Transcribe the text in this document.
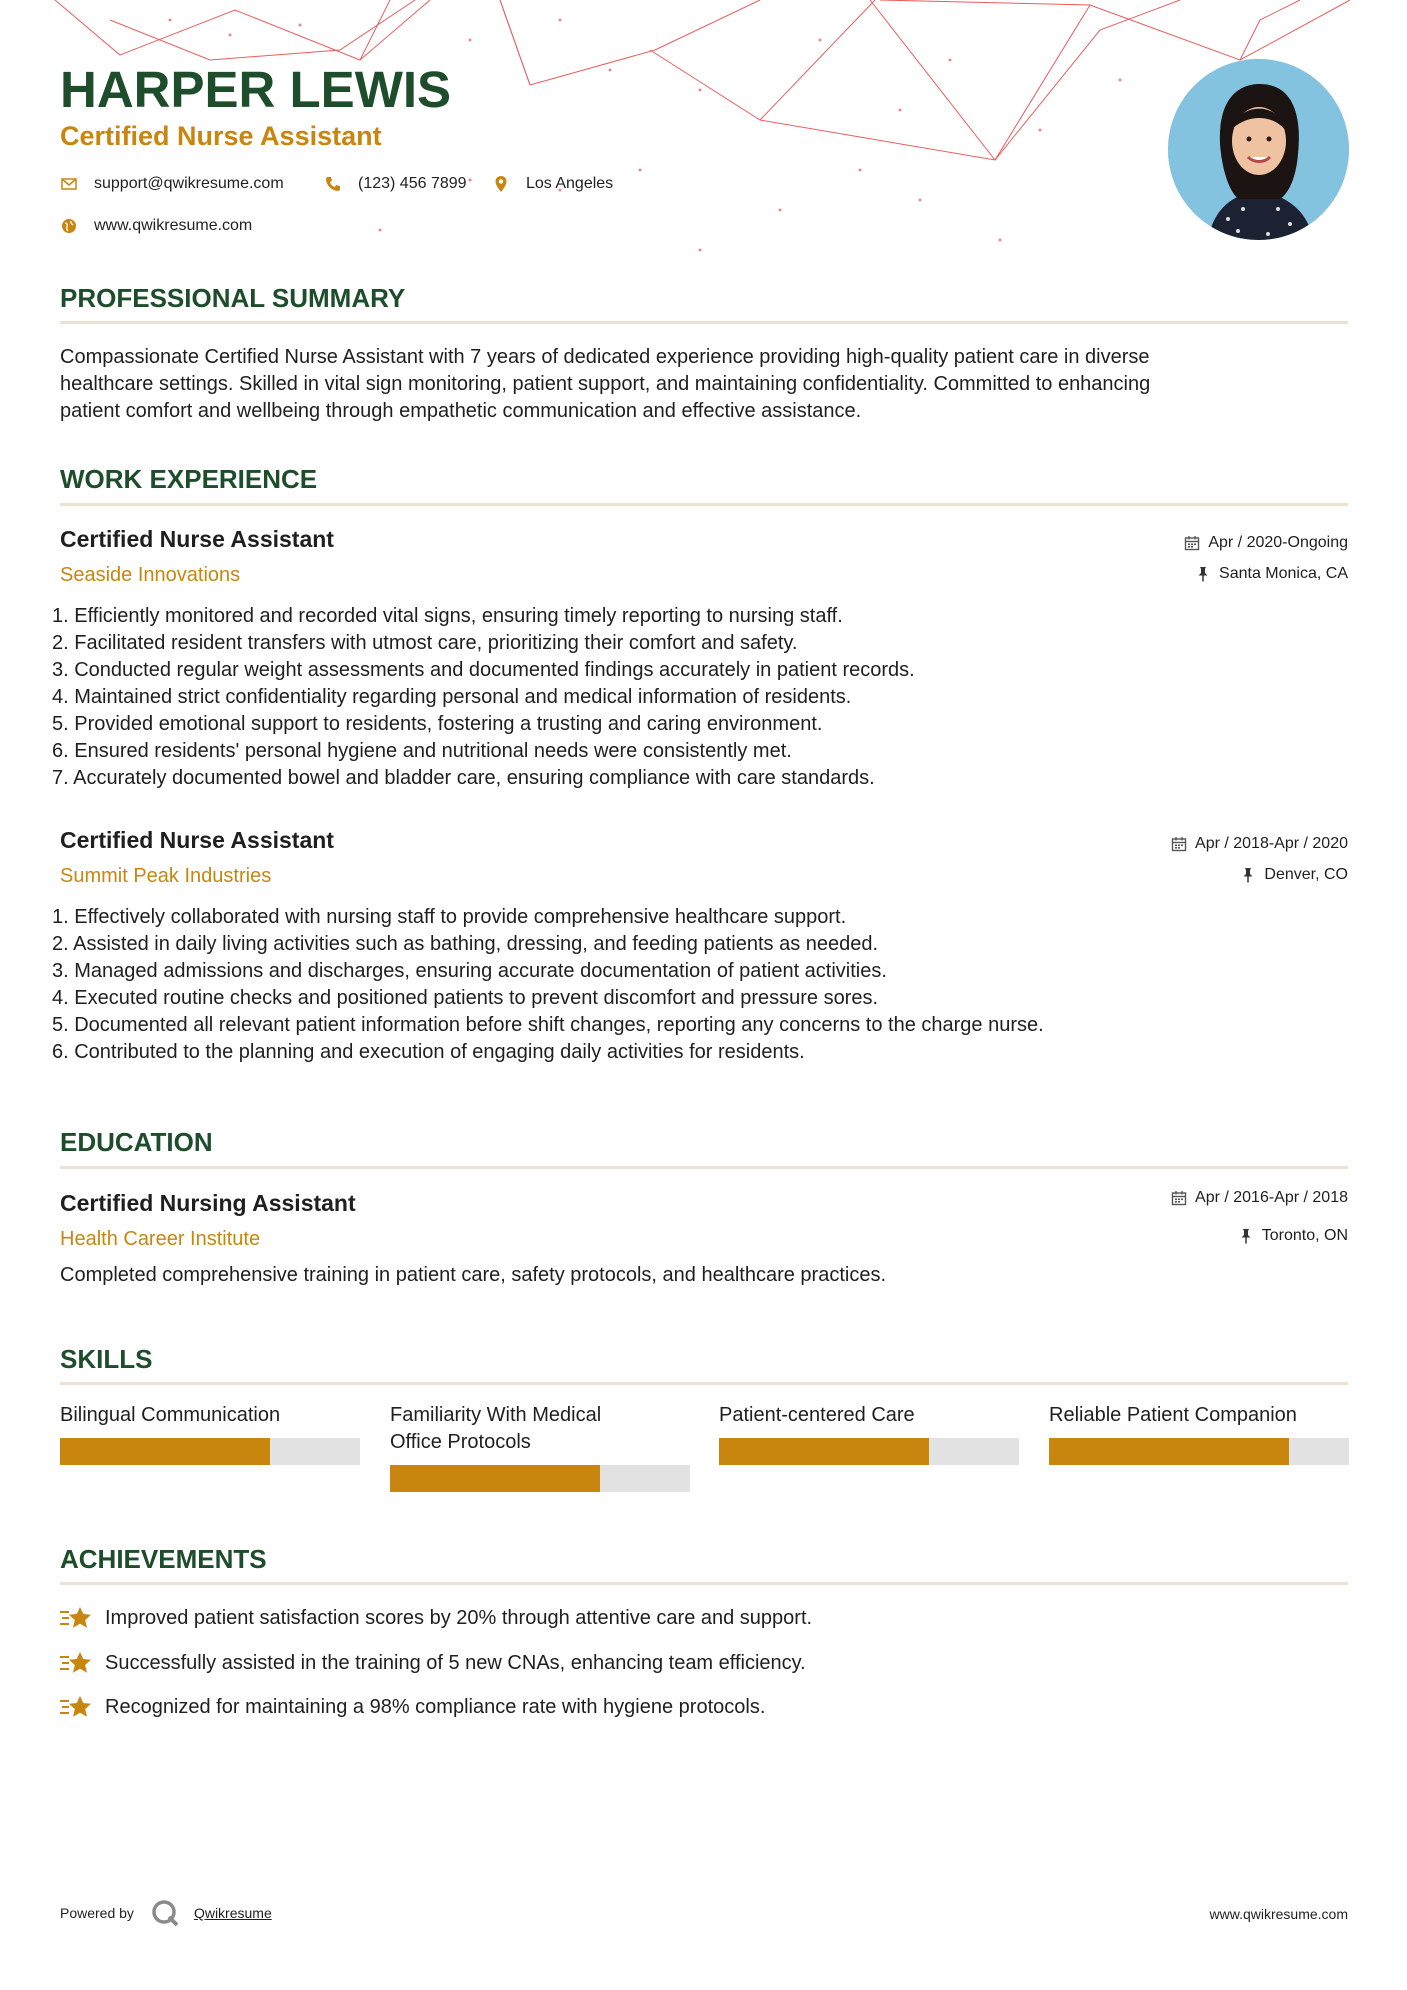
HARPER LEWIS
Certified Nurse Assistant
support@qwikresume.com	(123) 456 7899	Los Angeles
www.qwikresume.com
PROFESSIONAL SUMMARY
Compassionate Certified Nurse Assistant with 7 years of dedicated experience providing high-quality patient care in diverse
healthcare settings. Skilled in vital sign monitoring, patient support, and maintaining confidentiality. Committed to enhancing
patient comfort and wellbeing through empathetic communication and effective assistance.
WORK EXPERIENCE
Certified Nurse Assistant
Seaside Innovations
Apr / 2020-Ongoing
Santa Monica, CA
1. Efficiently monitored and recorded vital signs, ensuring timely reporting to nursing staff.
2. Facilitated resident transfers with utmost care, prioritizing their comfort and safety.
3. Conducted regular weight assessments and documented findings accurately in patient records.
4. Maintained strict confidentiality regarding personal and medical information of residents.
5. Provided emotional support to residents, fostering a trusting and caring environment.
6. Ensured residents' personal hygiene and nutritional needs were consistently met.
7. Accurately documented bowel and bladder care, ensuring compliance with care standards.
Certified Nurse Assistant
Summit Peak Industries
Apr / 2018-Apr / 2020
Denver, CO
1. Effectively collaborated with nursing staff to provide comprehensive healthcare support.
2. Assisted in daily living activities such as bathing, dressing, and feeding patients as needed.
3. Managed admissions and discharges, ensuring accurate documentation of patient activities.
4. Executed routine checks and positioned patients to prevent discomfort and pressure sores.
5. Documented all relevant patient information before shift changes, reporting any concerns to the charge nurse.
6. Contributed to the planning and execution of engaging daily activities for residents.
EDUCATION
Certified Nursing Assistant
Health Career Institute
Apr / 2016-Apr / 2018
Toronto, ON

Completed comprehensive training in patient care, safety protocols, and healthcare practices.

SKILLS

Bilingual Communication	Familiarity With Medical Office Protocols

Patient-centered Care	Reliable Patient Companion

ACHIEVEMENTS
Improved patient satisfaction scores by 20% through attentive care and support.
Successfully assisted in the training of 5 new CNAs, enhancing team efficiency.
Recognized for maintaining a 98% compliance rate with hygiene protocols.
Powered by	Qwikresume	www.qwikresume.com
